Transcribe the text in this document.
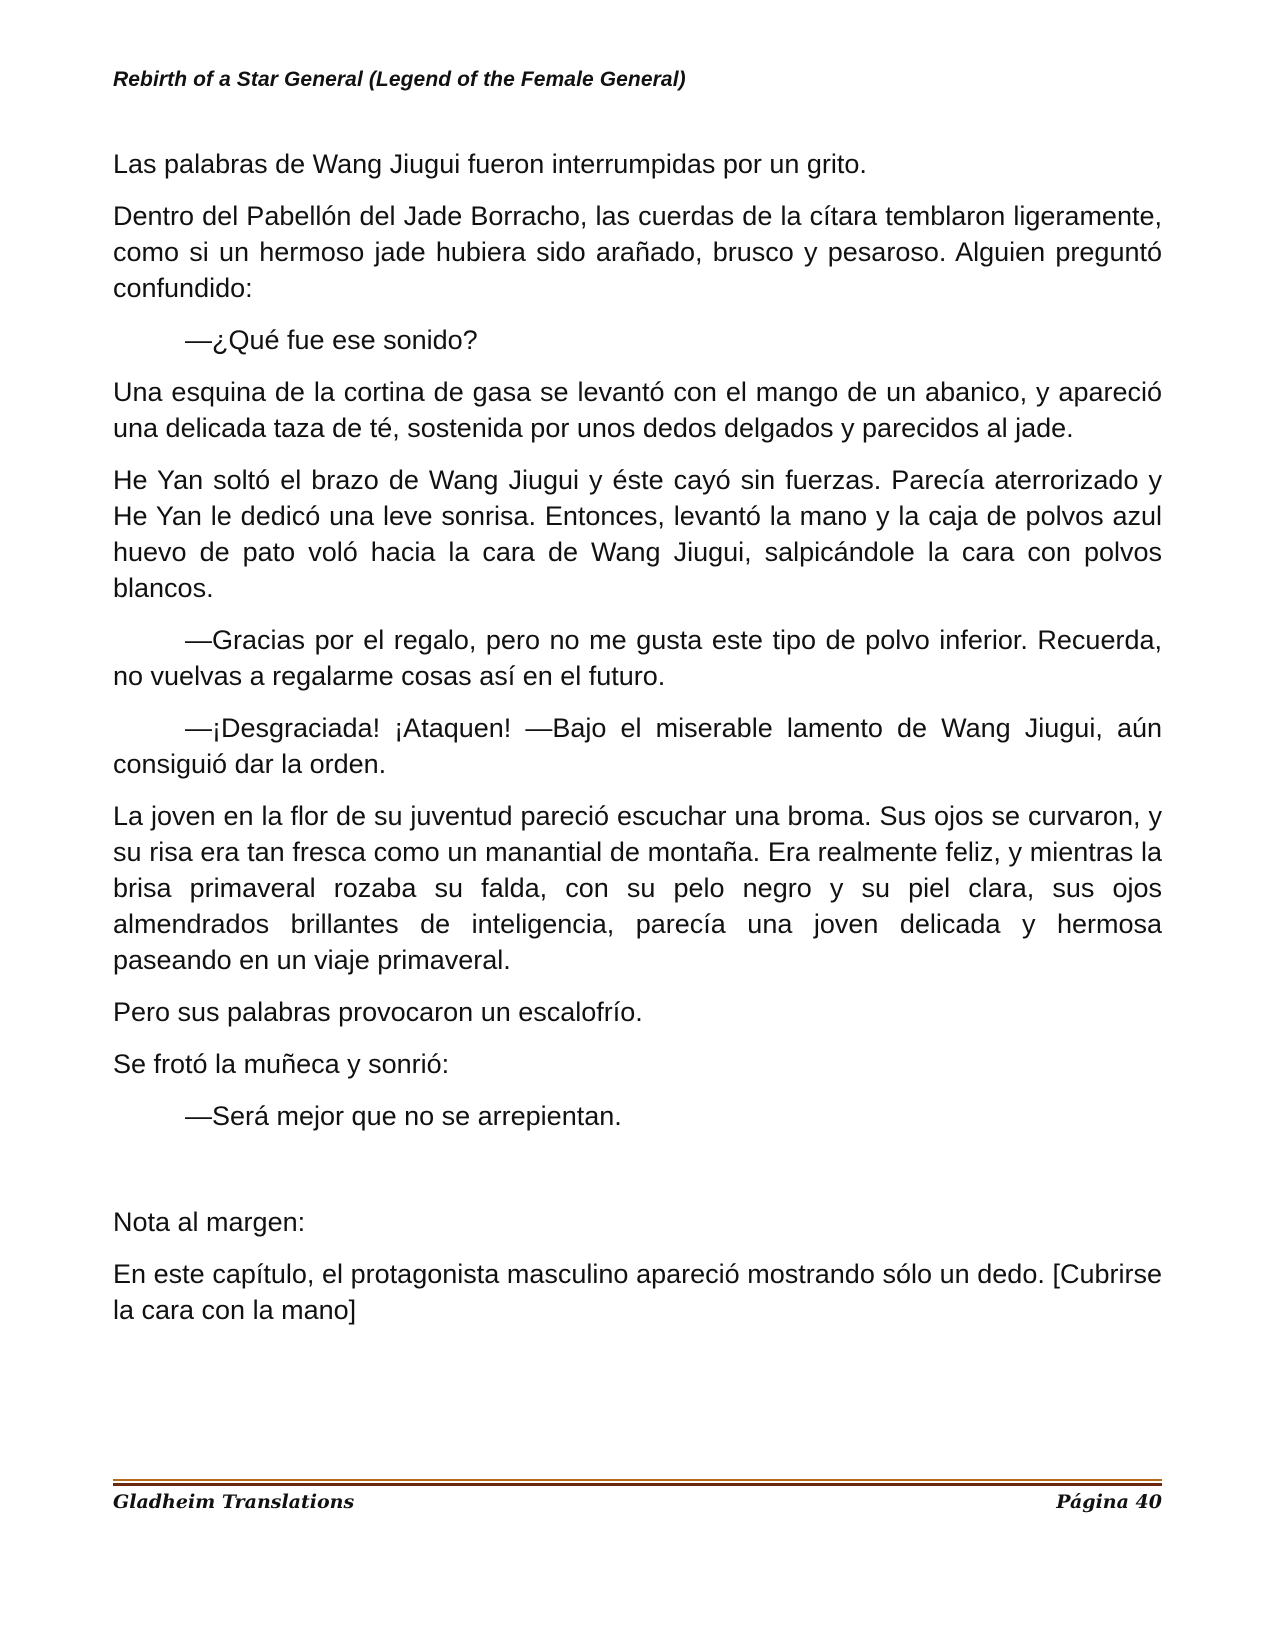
Rebirth of a Star General (Legend of the Female General)

Las palabras de Wang Jiugui fueron interrumpidas por un grito.

Dentro del Pabellón del Jade Borracho, las cuerdas de la cítara temblaron ligeramente, como si un hermoso jade hubiera sido arañado, brusco y pesaroso. Alguien preguntó confundido:

—¿Qué fue ese sonido?

Una esquina de la cortina de gasa se levantó con el mango de un abanico, y apareció una delicada taza de té, sostenida por unos dedos delgados y parecidos al jade.

He Yan soltó el brazo de Wang Jiugui y éste cayó sin fuerzas. Parecía aterrorizado y He Yan le dedicó una leve sonrisa. Entonces, levantó la mano y la caja de polvos azul huevo de pato voló hacia la cara de Wang Jiugui, salpicándole la cara con polvos blancos.

—Gracias por el regalo, pero no me gusta este tipo de polvo inferior. Recuerda, no vuelvas a regalarme cosas así en el futuro.

—¡Desgraciada! ¡Ataquen! —Bajo el miserable lamento de Wang Jiugui, aún consiguió dar la orden.

La joven en la flor de su juventud pareció escuchar una broma. Sus ojos se curvaron, y su risa era tan fresca como un manantial de montaña. Era realmente feliz, y mientras la brisa primaveral rozaba su falda, con su pelo negro y su piel clara, sus ojos almendrados brillantes de inteligencia, parecía una joven delicada y hermosa paseando en un viaje primaveral.

Pero sus palabras provocaron un escalofrío.

Se frotó la muñeca y sonrió:

—Será mejor que no se arrepientan.

Nota al margen:

En este capítulo, el protagonista masculino apareció mostrando sólo un dedo. [Cubrirse la cara con la mano]

Gladheim Translations	Página 40
